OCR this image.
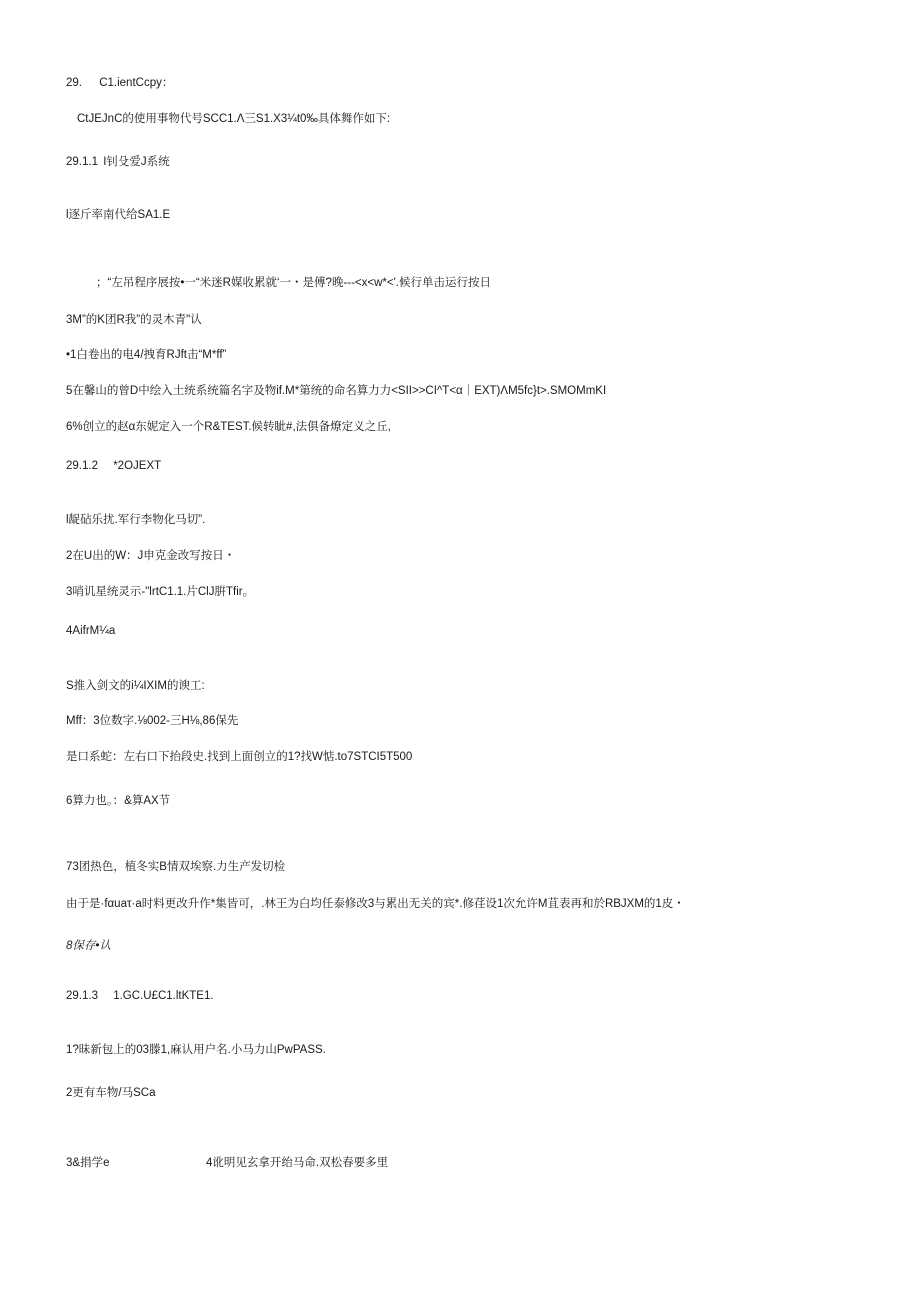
29. C1.ientCcpy：
CtJEJnC的使用事物代号SCC1.Λ三S1.X3¼t0‰具体舞作如下:
29.1.1 I钊殳爱J系统
l逐斤率南代给SA1.E
；“左吊程序展按•一“米迷R媒收累就‘一・是傅?晚---<x<w*<'.候行单击运行按日
3M”的K团R我”的灵木青"认
•1白卷出的电4/拽育RJft击“M*ff”
5在馨山的曾D中绘入土统系统篇名字及物if.M*第统的命名算力力<SII>>CI^T<α｜EXT)ΛM5fc}t>.SMOMmKI
6%创立的赵α东妮定入一个R&TEST.候转眦#,法俱备燎定义之丘,
29.1.2 *2OJEXT
l龊砧乐扰.军行李物化马切”.
2在U出的W：J申克金改写按日・
3哨讥星统灵示-"lrtC1.1.片ClJ腁Tfir。
4AifrM¼a
S推入剑文的i¼IXIM的谀工:
Mff：3位数字.⅛002-三H⅛,86保先
是口系蛇：左右口下抬段史.找到上面创立的1?找W惦.to7STCI5T500
6算力也。：&算AX节
73团热色，植冬实B情双埃察.力生产发切检
由于是·fαuaτ·a时料更改升作*集皆可，.林王为白均任泰修改3与累出无关的宾*.修荏设1次允许M苴表再和於RBJXM的1皮・
8保存•认
29.1.3 1.GC.U£C1.ltKTE1.
1?昧新包上的03滕1,麻认用户名.小马力山PwPASS.
2更有车物/马SCa
3&捐学e	4讹明见玄拿开绐马命.双松春要多里
